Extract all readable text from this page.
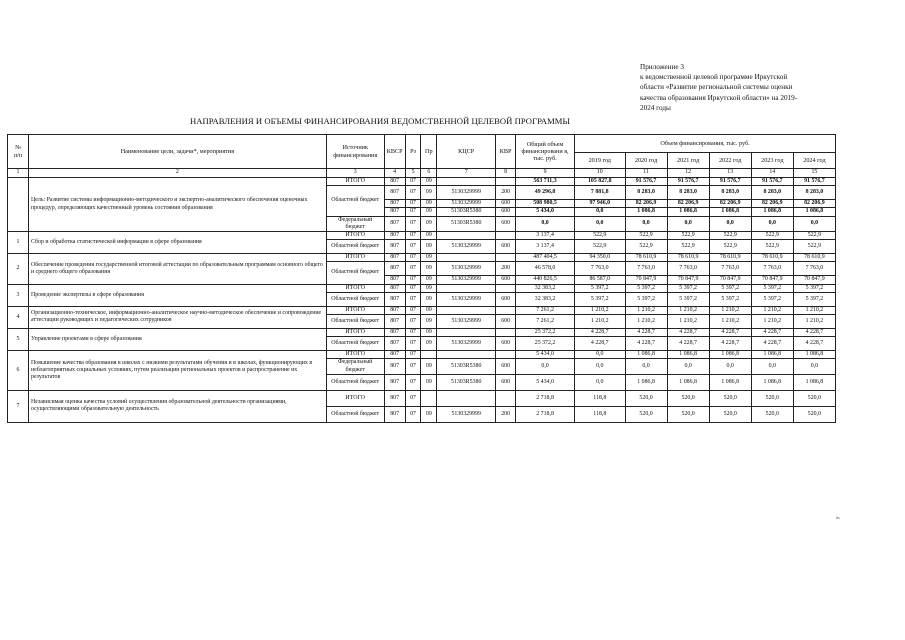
Приложение 3
к ведомственной целевой программе Иркутской
области «Развитие региональной системы оценки
качества образования Иркутской области» на 2019-
2024 годы
НАПРАВЛЕНИЯ И ОБЪЕМЫ ФИНАНСИРОВАНИЯ ВЕДОМСТВЕННОЙ ЦЕЛЕВОЙ ПРОГРАММЫ
№
п/п	Наименование цели, задачи*, мероприятия	Источник финансирования	КВСР	Рз	Пр	КЦСР	КВР	Общий объем финансировани я, тыс. руб.	Объем финансирования, тыс. руб.					
									2019 год	2020 год	2021 год	2022 год	2023 год	2024 год
1	2	3	4	5	6	7	8	9	10	11	12	13	14	15
	Цель: Развитие системы информационно-методического и экспертно-аналитического обеспечения оценочных процедур, определяющих качественный уровень состояния образования	ИТОГО	807	07	09			563 711,3	105 827,8	91 576,7	91 576,7	91 576,7	91 576,7	91 576,7
		Областной бюджет	807	07	09	5130329999	200	49 296,8	7 881,8	8 283,0	8 283,0	8 283,0	8 283,0	8 283,0
			807	07	09	5130329999	600	508 980,5	97 946,0	82 206,9	82 206,9	82 206,9	82 206,9	82 206,9
			807	07	09	51303R5380	600	5 434,0	0,0	1 086,8	1 086,8	1 086,8	1 086,8	1 086,8
		Федеральный бюджет	807	07	09	51303R5380	600	0,0	0,0	0,0	0,0	0,0	0,0	0,0
1	Сбор и обработка статистической информации в сфере образования	ИТОГО	807	07	09			3 137,4	522,9	522,9	522,9	522,9	522,9	522,9
		Областной бюджет	807	07	09	5130329999	600	3 137,4	522,9	522,9	522,9	522,9	522,9	522,9
2	Обеспечение проведения государственной итоговой аттестации по образовательным программам основного общего и среднего общего образования	ИТОГО	807	07	09			487 404,5	94 350,0	78 610,9	78 610,9	78 610,9	78 610,9	78 610,9
		Областной бюджет	807	07	09	5130329999	200	46 578,0	7 763,0	7 763,0	7 763,0	7 763,0	7 763,0	7 763,0
			807	07	09	5130329999	600	440 826,5	86 587,0	70 847,9	70 847,9	70 847,9	70 847,9	70 847,9
3	Проведение экспертизы в сфере образования	ИТОГО	807	07	09			32 383,2	5 397,2	5 397,2	5 397,2	5 397,2	5 397,2	5 397,2
		Областной бюджет	807	07	09	5130329999	600	32 383,2	5 397,2	5 397,2	5 397,2	5 397,2	5 397,2	5 397,2
4	Организационно-техническое, информационно-аналитическое научно-методическое обеспечение и сопровождение аттестации руководящих и педагогических сотрудников	ИТОГО	807	07	09			7 261,2	1 210,2	1 210,2	1 210,2	1 210,2	1 210,2	1 210,2
		Областной бюджет	807	07	09	5130329999	600	7 261,2	1 210,2	1 210,2	1 210,2	1 210,2	1 210,2	1 210,2
5	Управление проектами в сфере образования	ИТОГО	807	07	09			25 372,2	4 228,7	4 228,7	4 228,7	4 228,7	4 228,7	4 228,7
		Областной бюджет	807	07	09	5130329999	600	25 372,2	4 228,7	4 228,7	4 228,7	4 228,7	4 228,7	4 228,7
6	Повышение качества образования в школах с низкими результатами обучения и в школах, функционирующих в неблагоприятных социальных условиях, путем реализации региональных проектов и распространение их результатов	ИТОГО	807	07				5 434,0	0,0	1 086,8	1 086,8	1 086,8	1 086,8	1 086,8
		Федеральный бюджет	807	07	09	51303R5380	600	0,0	0,0	0,0	0,0	0,0	0,0	0,0
		Областной бюджет	807	07	09	51303R5380	600	5 434,0	0,0	1 086,8	1 086,8	1 086,8	1 086,8	1 086,8
7	Независимая оценка качества условий осуществления образовательной деятельности организациями, осуществляющими образовательную деятельность	ИТОГО	807	07				2 718,8	118,8	520,0	520,0	520,0	520,0	520,0
		Областной бюджет	807	07	09	5130329999	200	2 718,8	118,8	520,0	520,0	520,0	520,0	520,0
».
